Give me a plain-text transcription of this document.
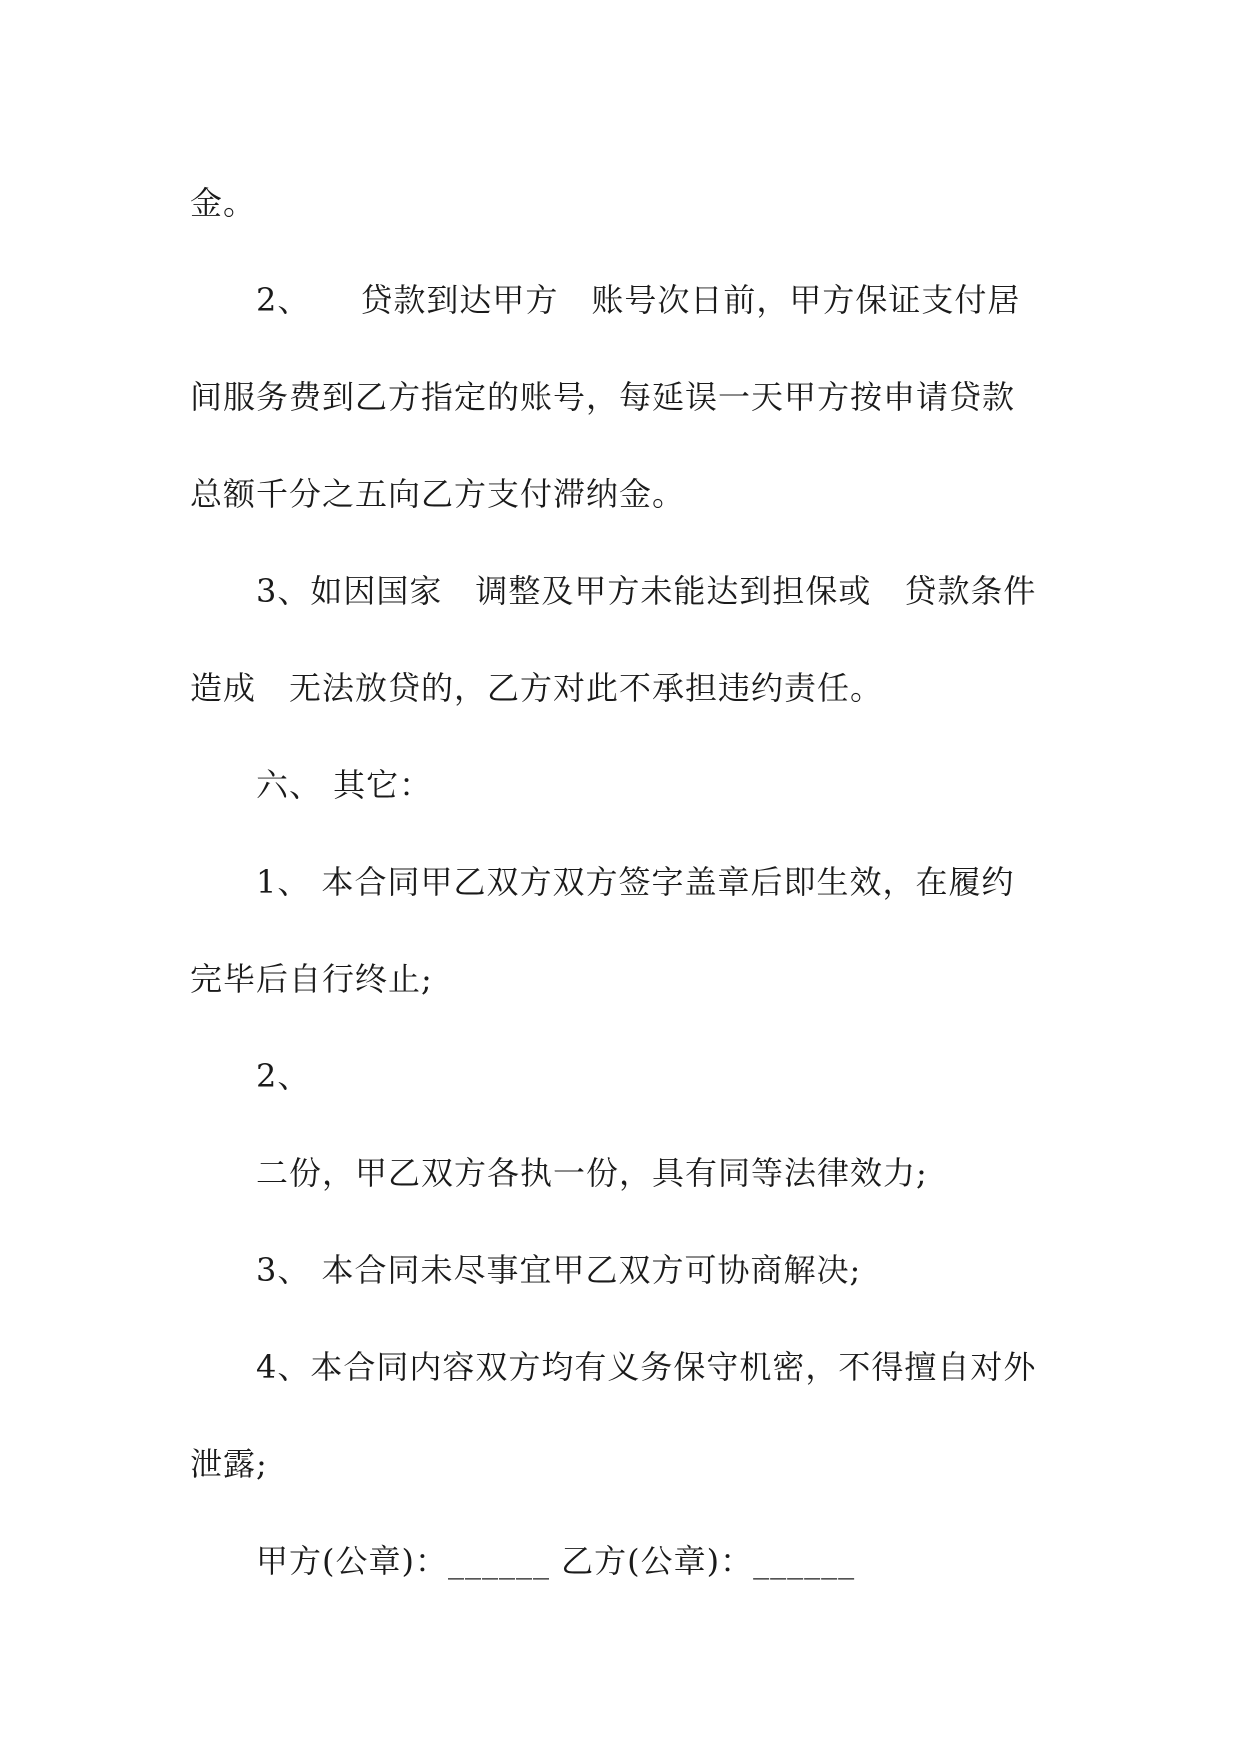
金。
2、　　贷款到达甲方　账号次日前，甲方保证支付居
间服务费到乙方指定的账号，每延误一天甲方按申请贷款
总额千分之五向乙方支付滞纳金。
3、如因国家　调整及甲方未能达到担保或　贷款条件
造成　无法放贷的，乙方对此不承担违约责任。
六、 其它：
1、 本合同甲乙双方双方签字盖章后即生效，在履约
完毕后自行终止;
2、
二份，甲乙双方各执一份，具有同等法律效力;
3、 本合同未尽事宜甲乙双方可协商解决;
4、本合同内容双方均有义务保守机密，不得擅自对外
泄露;
甲方(公章)：______ 乙方(公章)：______
